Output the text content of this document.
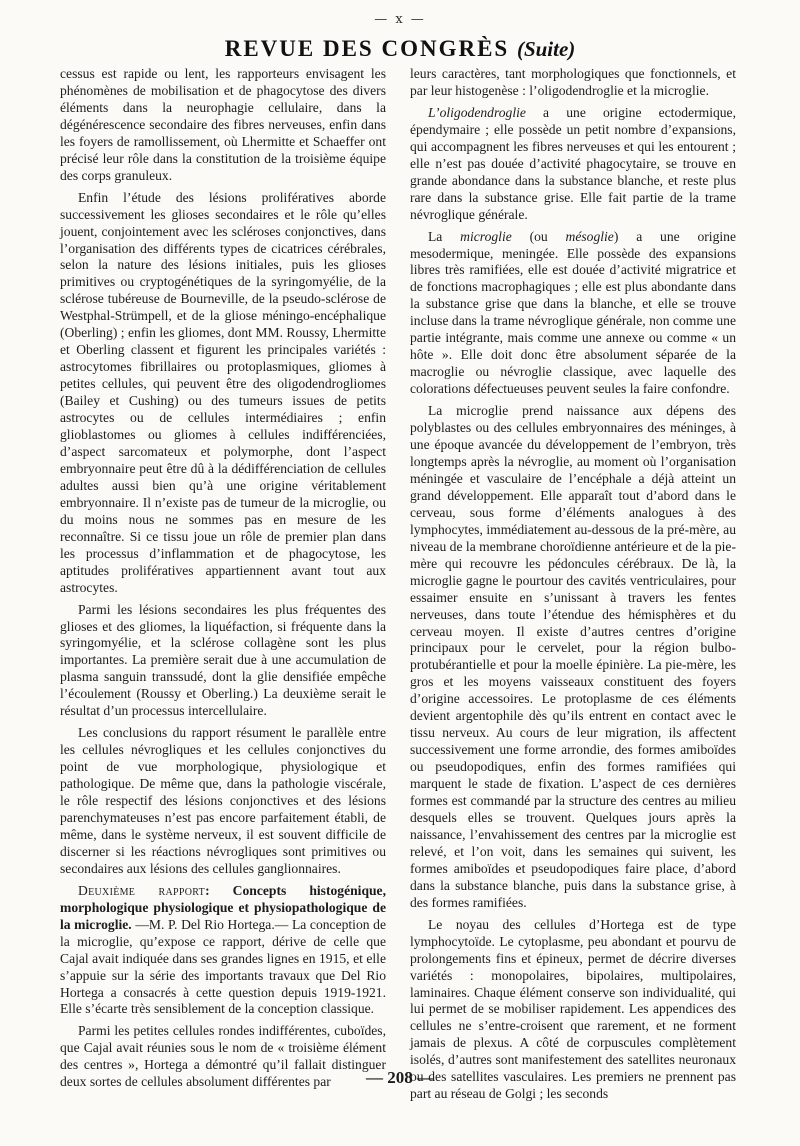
— x —
REVUE DES CONGRÈS (Suite)

cessus est rapide ou lent, les rapporteurs envisagent les phénomènes de mobilisation et de phagocytose des divers éléments dans la neurophagie cellulaire, dans la dégénérescence secondaire des fibres nerveuses, enfin dans les foyers de ramollissement, où Lhermitte et Schaeffer ont précisé leur rôle dans la constitution de la troisième équipe des corps granuleux.

Enfin l’étude des lésions prolifératives aborde successivement les glioses secondaires et le rôle qu’elles jouent, conjointement avec les scléroses conjonctives, dans l’organisation des différents types de cicatrices cérébrales, selon la nature des lésions initiales, puis les glioses primitives ou cryptogénétiques de la syringomyélie, de la sclérose tubéreuse de Bourneville, de la pseudo-sclérose de Westphal-Strümpell, et de la gliose méningo-encéphalique (Oberling) ; enfin les gliomes, dont MM. Roussy, Lhermitte et Oberling classent et figurent les principales variétés : astrocytomes fibrillaires ou protoplasmiques, gliomes à petites cellules, qui peuvent être des oligodendrogliomes (Bailey et Cushing) ou des tumeurs issues de petits astrocytes ou de cellules intermédiaires ; enfin glioblastomes ou gliomes à cellules indifférenciées, d’aspect sarcomateux et polymorphe, dont l’aspect embryonnaire peut être dû à la dédifférenciation de cellules adultes aussi bien qu’à une origine véritablement embryonnaire. Il n’existe pas de tumeur de la microglie, ou du moins nous ne sommes pas en mesure de les reconnaître. Si ce tissu joue un rôle de premier plan dans les processus d’inflammation et de phagocytose, les aptitudes prolifératives appartiennent avant tout aux astrocytes.

Parmi les lésions secondaires les plus fréquentes des glioses et des gliomes, la liquéfaction, si fréquente dans la syringomyélie, et la sclérose collagène sont les plus importantes. La première serait due à une accumulation de plasma sanguin transsudé, dont la glie densifiée empêche l’écoulement (Roussy et Oberling.) La deuxième serait le résultat d’un processus intercellulaire.

Les conclusions du rapport résument le parallèle entre les cellules névrogliques et les cellules conjonctives du point de vue morphologique, physiologique et pathologique. De même que, dans la pathologie viscérale, le rôle respectif des lésions conjonctives et des lésions parenchymateuses n’est pas encore parfaitement établi, de même, dans le système nerveux, il est souvent difficile de discerner si les réactions névrogliques sont primitives ou secondaires aux lésions des cellules ganglionnaires.

Deuxième rapport: Concepts histogénique, morphologique physiologique et physiopathologique de la microglie. —M. P. Del Rio Hortega.— La conception de la microglie, qu’expose ce rapport, dérive de celle que Cajal avait indiquée dans ses grandes lignes en 1915, et elle s’appuie sur la série des importants travaux que Del Rio Hortega a consacrés à cette question depuis 1919-1921. Elle s’écarte très sensiblement de la conception classique.

Parmi les petites cellules rondes indifférentes, cuboïdes, que Cajal avait réunies sous le nom de « troisième élément des centres », Hortega a démontré qu’il fallait distinguer deux sortes de cellules absolument différentes par

leurs caractères, tant morphologiques que fonctionnels, et par leur histogenèse : l’oligodendroglie et la microglie.

L’oligodendroglie a une origine ectodermique, épendymaire ; elle possède un petit nombre d’expansions, qui accompagnent les fibres nerveuses et qui les entourent ; elle n’est pas douée d’activité phagocytaire, se trouve en grande abondance dans la substance blanche, et reste plus rare dans la substance grise. Elle fait partie de la trame névroglique générale.

La microglie (ou mésoglie) a une origine mesodermique, meningée. Elle possède des expansions libres très ramifiées, elle est douée d’activité migratrice et de fonctions macrophagiques ; elle est plus abondante dans la substance grise que dans la blanche, et elle se trouve incluse dans la trame névroglique générale, non comme une partie intégrante, mais comme une annexe ou comme « un hôte ». Elle doit donc être absolument séparée de la macroglie ou névroglie classique, avec laquelle des colorations défectueuses peuvent seules la faire confondre.

La microglie prend naissance aux dépens des polyblastes ou des cellules embryonnaires des méninges, à une époque avancée du développement de l’embryon, très longtemps après la névroglie, au moment où l’organisation méningée et vasculaire de l’encéphale a déjà atteint un grand développement. Elle apparaît tout d’abord dans le cerveau, sous forme d’éléments analogues à des lymphocytes, immédiatement au-dessous de la pré-mère, au niveau de la membrane choroïdienne antérieure et de la pie-mère qui recouvre les pédoncules cérébraux. De là, la microglie gagne le pourtour des cavités ventriculaires, pour essaimer ensuite en s’unissant à travers les fentes nerveuses, dans toute l’étendue des hémisphères et du cerveau moyen. Il existe d’autres centres d’origine principaux pour le cervelet, pour la région bulbo-protubérantielle et pour la moelle épinière. La pie-mère, les gros et les moyens vaisseaux constituent des foyers d’origine accessoires. Le protoplasme de ces éléments devient argentophile dès qu’ils entrent en contact avec le tissu nerveux. Au cours de leur migration, ils affectent successivement une forme arrondie, des formes amiboïdes ou pseudopodiques, enfin des formes ramifiées qui marquent le stade de fixation. L’aspect de ces dernières formes est commandé par la structure des centres au milieu desquels elles se trouvent. Quelques jours après la naissance, l’envahissement des centres par la microglie est relevé, et l’on voit, dans les semaines qui suivent, les formes amiboïdes et pseudopodiques faire place, d’abord dans la substance blanche, puis dans la substance grise, à des formes ramifiées.

Le noyau des cellules d’Hortega est de type lymphocytoïde. Le cytoplasme, peu abondant et pourvu de prolongements fins et épineux, permet de décrire diverses variétés : monopolaires, bipolaires, multipolaires, laminaires. Chaque élément conserve son individualité, qui lui permet de se mobiliser rapidement. Les appendices des cellules ne s’entre-croisent que rarement, et ne forment jamais de plexus. A côté de corpuscules complètement isolés, d’autres sont manifestement des satellites neuronaux ou des satellites vasculaires. Les premiers ne prennent pas part au réseau de Golgi ; les seconds

— 208 —
